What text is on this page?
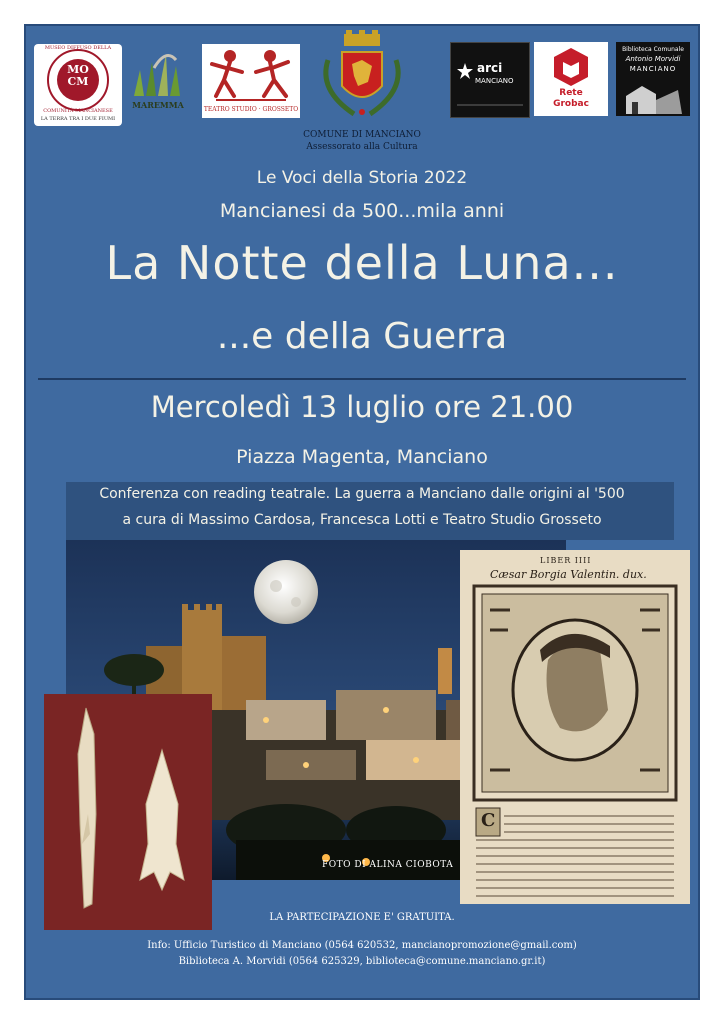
MO
CM
MUSEO DIFFUSO DELLA
COMUNITÀ MANCIANESE
LA TERRA TRA I DUE FIUMI
MAREMMA	TEATRO STUDIO · GROSSETO
COMUNE DI MANCIANO
Assessorato alla Cultura
arci
MANCIANO
Rete
Grobac
Biblioteca Comunale
Antonio Morvidi
MANCIANO
Le Voci della Storia 2022
Mancianesi da 500...mila anni
La Notte della Luna...
...e della Guerra
Mercoledì 13 luglio ore 21.00
Piazza Magenta, Manciano
Conferenza con reading teatrale. La guerra a Manciano dalle origini al '500
a cura di Massimo Cardosa, Francesca Lotti e Teatro Studio Grosseto
FOTO DI ALINA CIOBOTA
LIBER IIII
Cæsar Borgia Valentin. dux.
C
LA PARTECIPAZIONE E' GRATUITA.
Info: Ufficio Turistico di Manciano (0564 620532, mancianopromozione@gmail.com)
Biblioteca A. Morvidi (0564 625329, biblioteca@comune.manciano.gr.it)
